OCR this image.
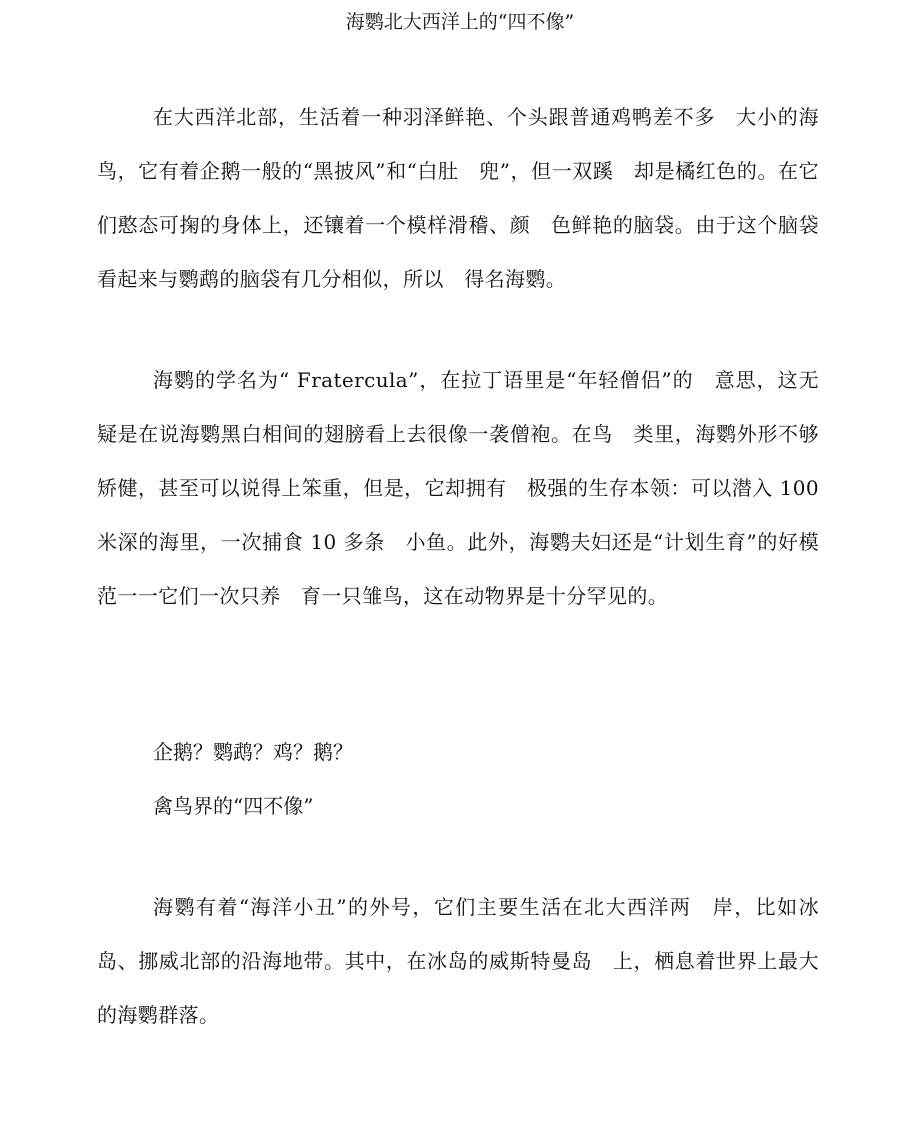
海鹦北大西洋上的“四不像”

在大西洋北部，生活着一种羽泽鲜艳、个头跟普通鸡鸭差不多　大小的海鸟，它有着企鹅一般的“黑披风”和“白肚　兜”，但一双蹊　却是橘红色的。在它们憨态可掬的身体上，还镶着一个模样滑稽、颜　色鲜艳的脑袋。由于这个脑袋看起来与鹦鹉的脑袋有几分相似，所以　得名海鹦。

海鹦的学名为“ Fratercula”，在拉丁语里是“年轻僧侣”的　意思，这无疑是在说海鹦黑白相间的翅膀看上去很像一袭僧袍。在鸟　类里，海鹦外形不够矫健，甚至可以说得上笨重，但是，它却拥有　极强的生存本领：可以潜入 100 米深的海里，一次捕食 10 多条　小鱼。此外，海鹦夫妇还是“计划生育”的好模范一一它们一次只养　育一只雏鸟，这在动物界是十分罕见的。

企鹅？鹦鹉？鸡？鹅？
禽鸟界的“四不像”

海鹦有着“海洋小丑”的外号，它们主要生活在北大西洋两　岸，比如冰岛、挪威北部的沿海地带。其中，在冰岛的威斯特曼岛　上，栖息着世界上最大的海鹦群落。
